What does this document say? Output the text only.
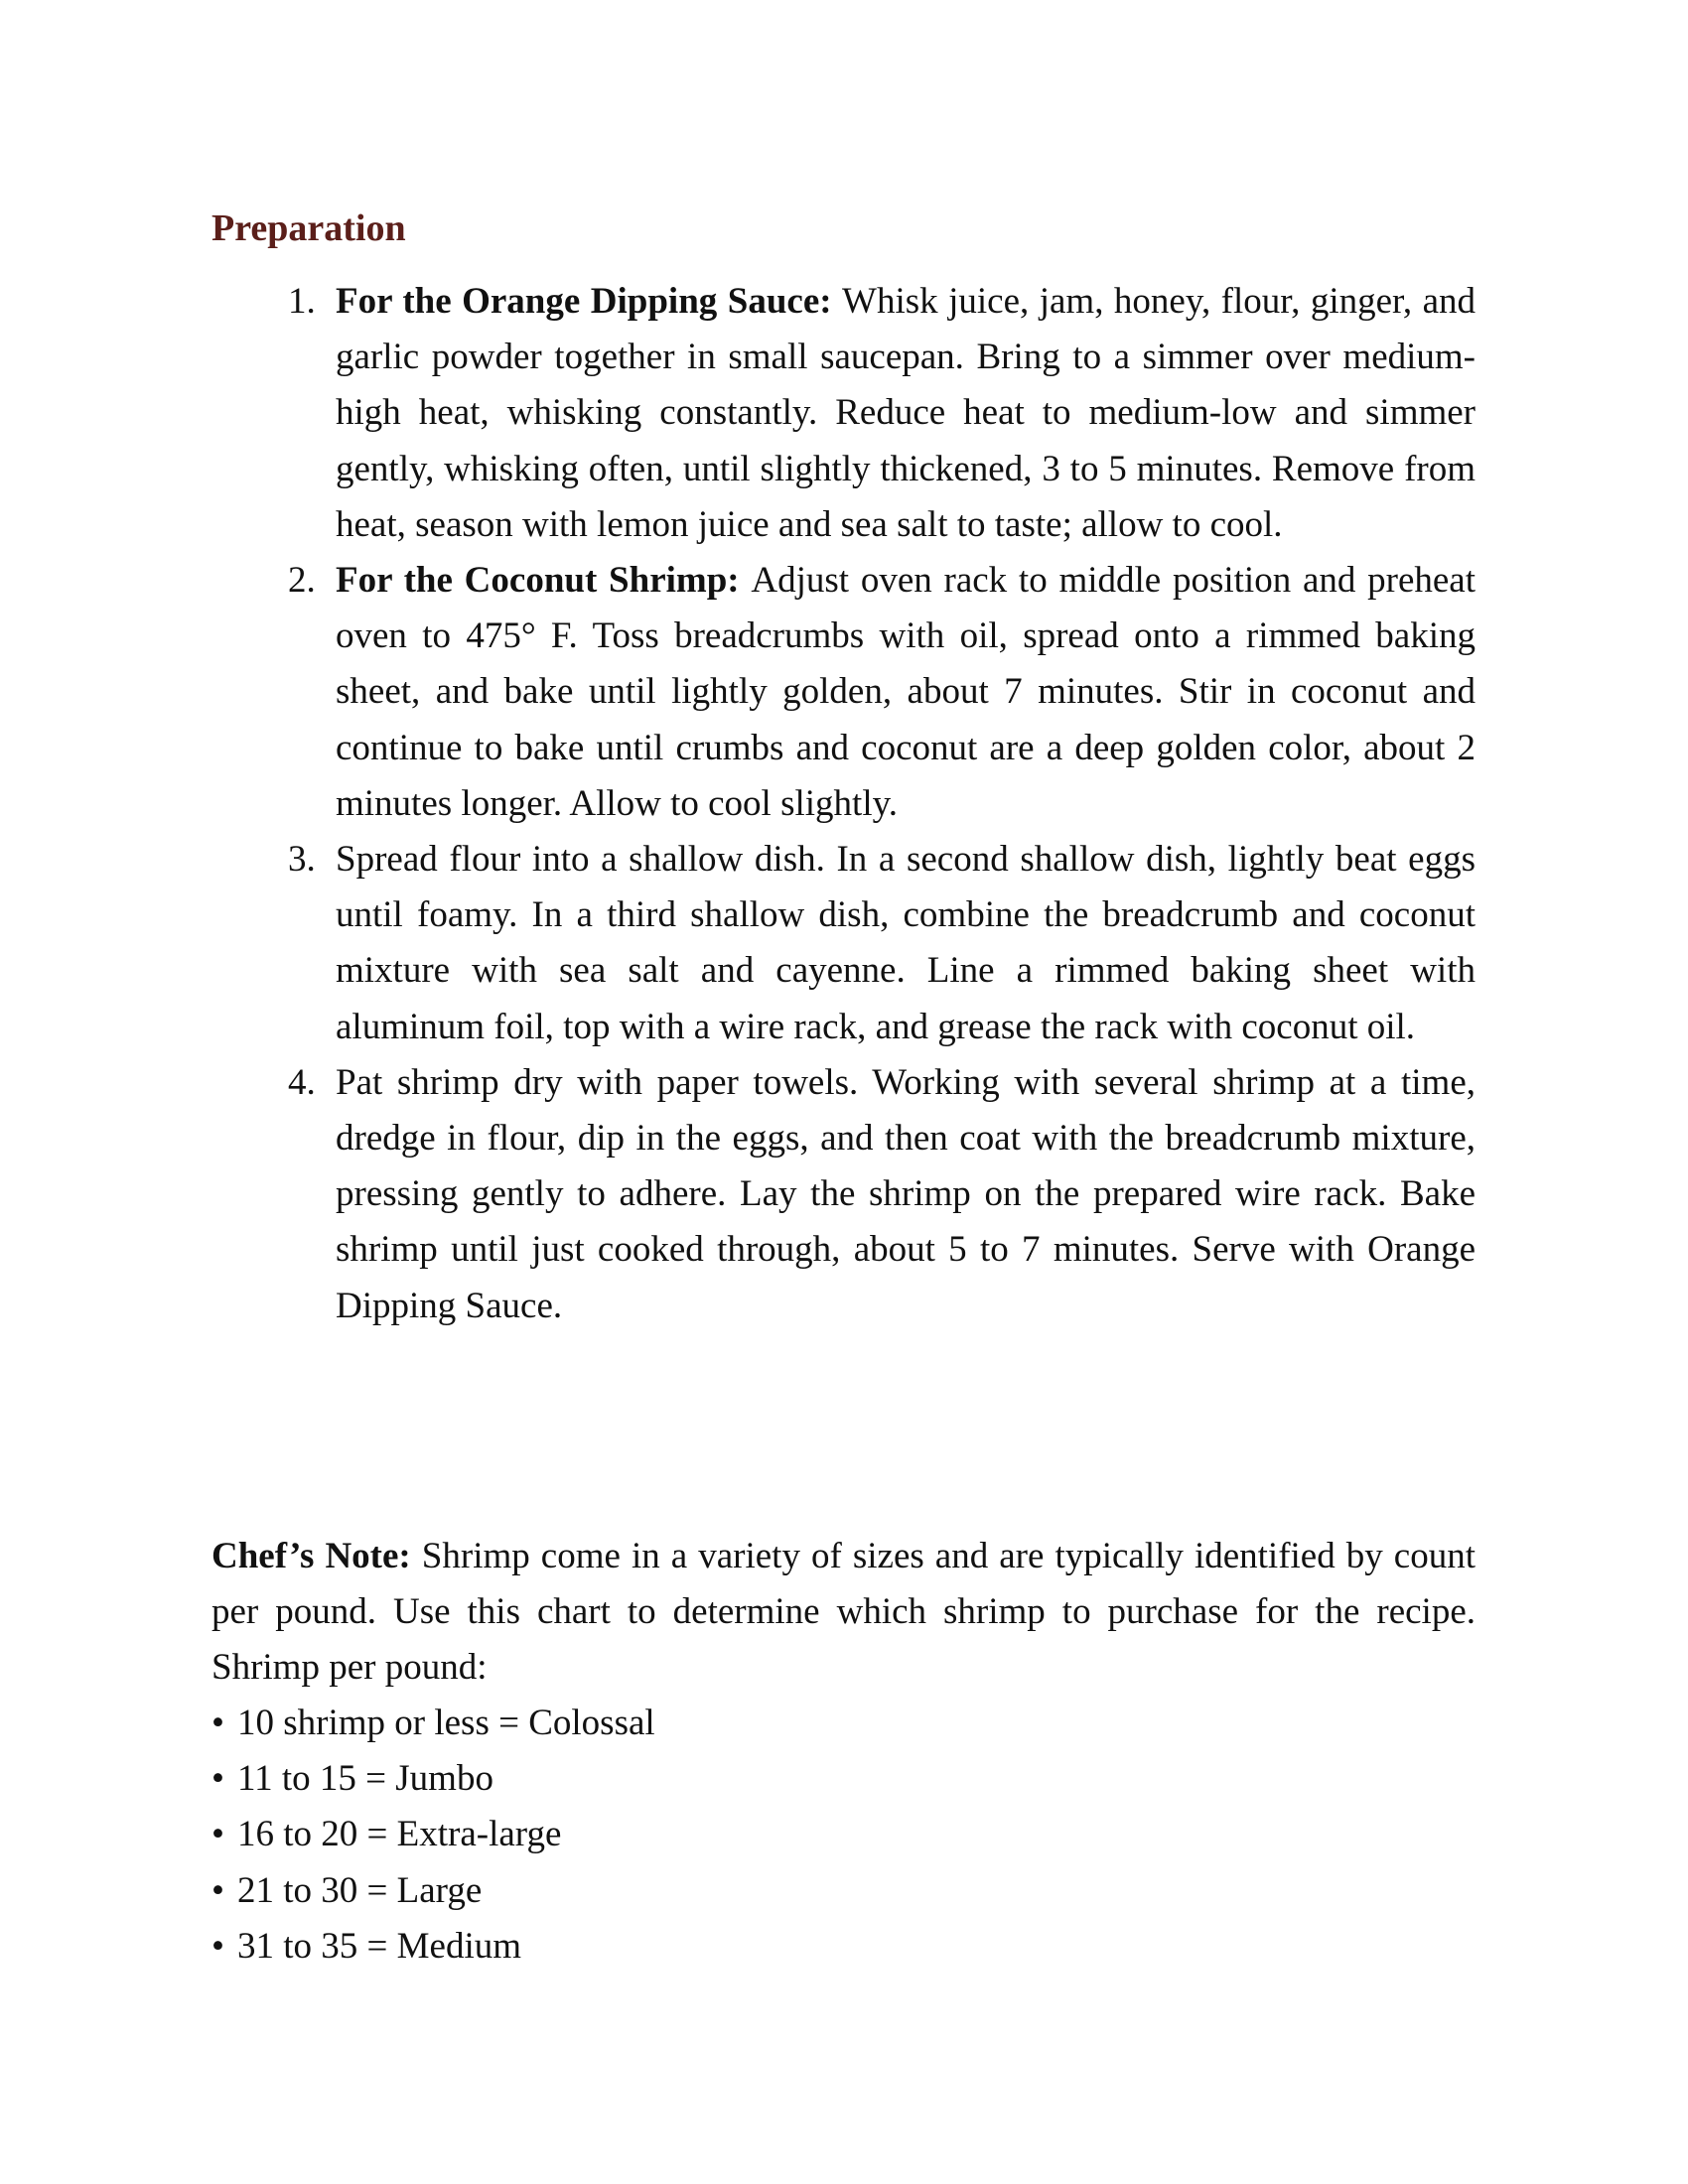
Preparation
1. For the Orange Dipping Sauce: Whisk juice, jam, honey, flour, ginger, and garlic powder together in small saucepan. Bring to a simmer over medium-high heat, whisking constantly. Reduce heat to medium-low and simmer gently, whisking often, until slightly thickened, 3 to 5 minutes. Remove from heat, season with lemon juice and sea salt to taste; allow to cool.
2. For the Coconut Shrimp: Adjust oven rack to middle position and preheat oven to 475° F. Toss breadcrumbs with oil, spread onto a rimmed baking sheet, and bake until lightly golden, about 7 minutes. Stir in coconut and continue to bake until crumbs and coconut are a deep golden color, about 2 minutes longer. Allow to cool slightly.
3. Spread flour into a shallow dish. In a second shallow dish, lightly beat eggs until foamy. In a third shallow dish, combine the breadcrumb and coconut mixture with sea salt and cayenne. Line a rimmed baking sheet with aluminum foil, top with a wire rack, and grease the rack with coconut oil.
4. Pat shrimp dry with paper towels. Working with several shrimp at a time, dredge in flour, dip in the eggs, and then coat with the breadcrumb mixture, pressing gently to adhere. Lay the shrimp on the prepared wire rack. Bake shrimp until just cooked through, about 5 to 7 minutes. Serve with Orange Dipping Sauce.

Chef’s Note: Shrimp come in a variety of sizes and are typically identified by count per pound. Use this chart to determine which shrimp to purchase for the recipe. Shrimp per pound:

• 10 shrimp or less = Colossal
• 11 to 15 = Jumbo
• 16 to 20 = Extra-large
• 21 to 30 = Large
• 31 to 35 = Medium
